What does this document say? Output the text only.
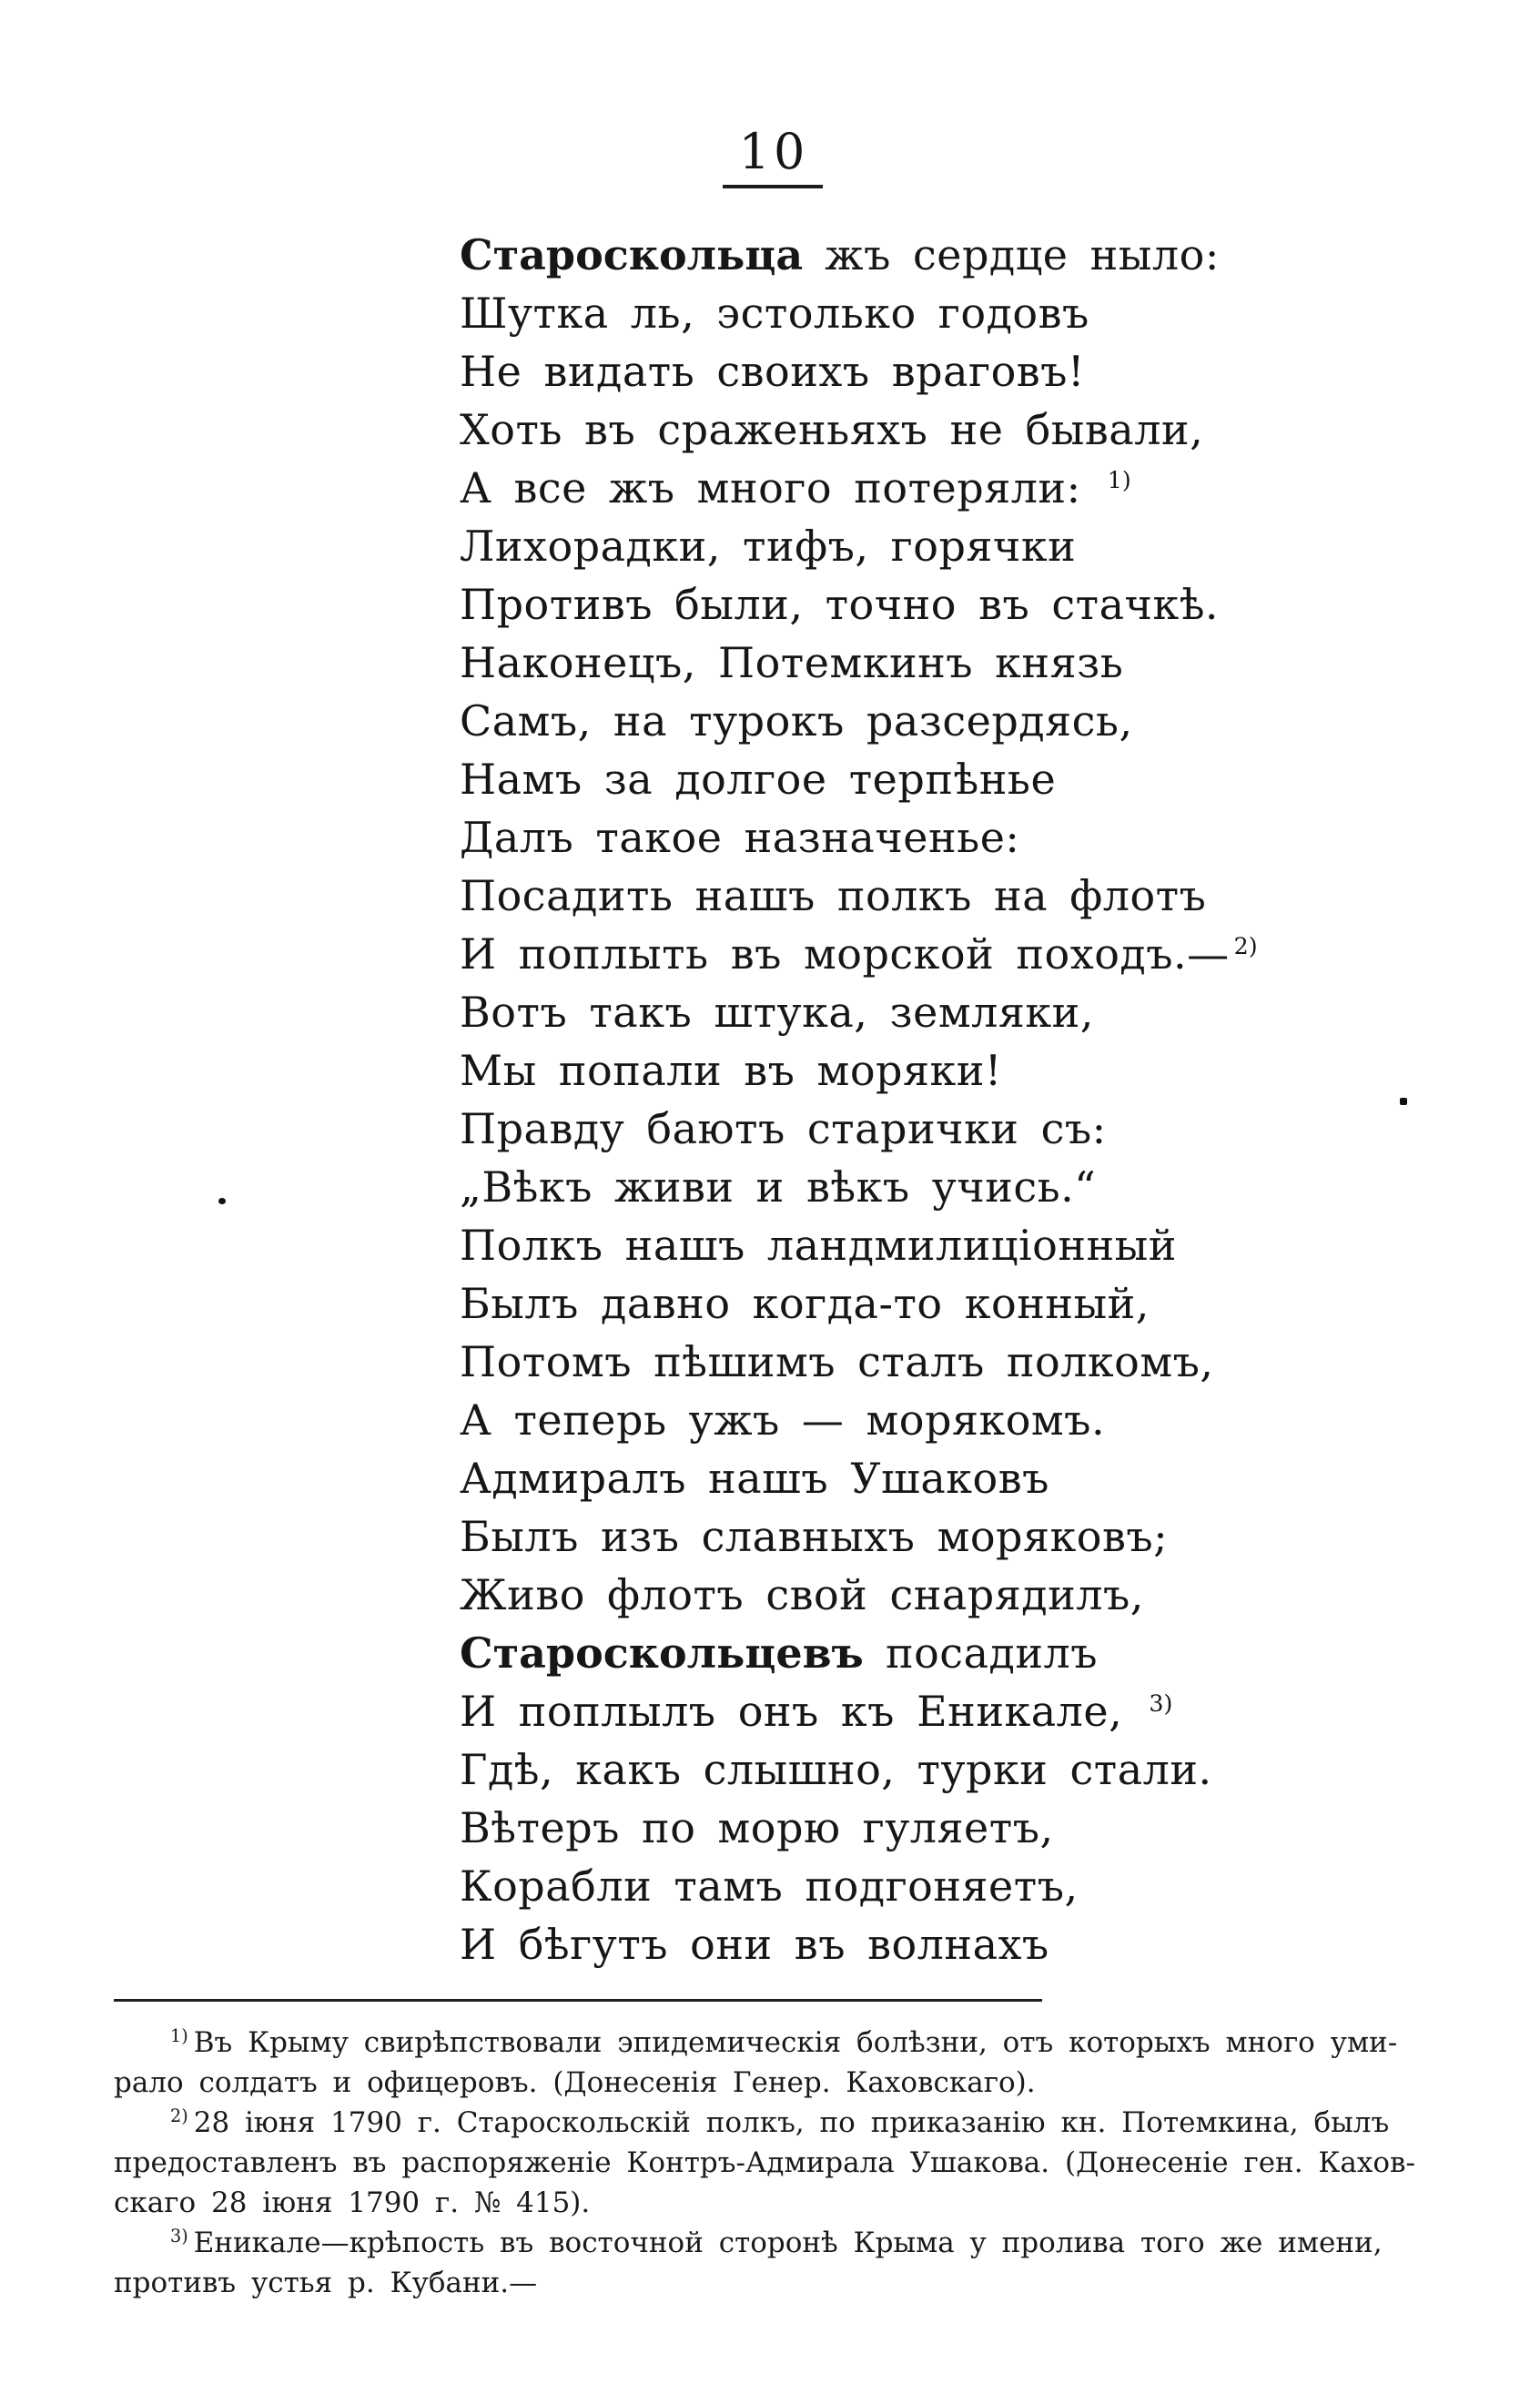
10
Староскольца жъ сердце ныло:
Шутка ль, эстолько годовъ
Не видать своихъ враговъ!
Хоть въ сраженьяхъ не бывали,
А все жъ много потеряли: $^{1)}$
Лихорадки, тифъ, горячки
Противъ были, точно въ стачкѣ.
Наконецъ, Потемкинъ князь
Самъ, на турокъ разсердясь,
Намъ за долгое терпѣнье
Далъ такое назначенье:
Посадить нашъ полкъ на флотъ
И поплыть въ морской походъ.— $^{2)}$
Вотъ такъ штука, земляки,
Мы попали въ моряки!
Правду баютъ старички съ:
„Вѣкъ живи и вѣкъ учись.“
Полкъ нашъ ландмилиціонный
Былъ давно когда-то конный,
Потомъ пѣшимъ сталъ полкомъ,
А теперь ужъ — морякомъ.
Адмиралъ нашъ Ушаковъ
Былъ изъ славныхъ моряковъ;
Живо флотъ свой снарядилъ,
Староскольцевъ посадилъ
И поплылъ онъ къ Еникале, $^{3)}$
Гдѣ, какъ слышно, турки стали.
Вѣтеръ по морю гуляетъ,
Корабли тамъ подгоняетъ,
И бѣгутъ они въ волнахъ
$^{1)}$ Въ Крыму свирѣпствовали эпидемическія болѣзни, отъ которыхъ много уми-
рало солдатъ и офицеровъ. (Донесенія Генер. Каховскаго).
$^{2)}$ 28 іюня 1790 г. Староскольскій полкъ, по приказанію кн. Потемкина, былъ
предоставленъ въ распоряженіе Контръ-Адмирала Ушакова. (Донесеніе ген. Кахов-
скаго 28 іюня 1790 г. № 415).
$^{3)}$ Еникале—крѣпость въ восточной сторонѣ Крыма у пролива того же имени,
противъ устья р. Кубани.—
